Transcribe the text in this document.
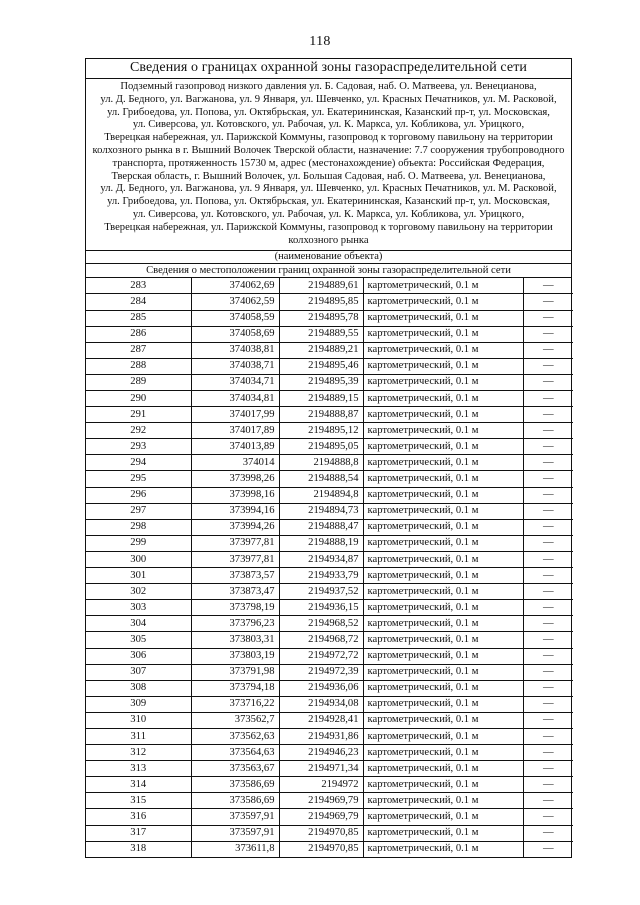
118
Сведения о границах охранной зоны газораспределительной сети
Подземный газопровод низкого давления ул. Б. Садовая, наб. О. Матвеева, ул. Венецианова,
ул. Д. Бедного, ул. Вагжанова, ул. 9 Января, ул. Шевченко, ул. Красных Печатников, ул. М. Расковой,
ул. Грибоедова, ул. Попова, ул. Октябрьская, ул. Екатерининская, Казанский пр-т, ул. Московская,
ул. Сиверсова, ул. Котовского, ул. Рабочая, ул. К. Маркса, ул. Кобликова, ул. Урицкого,
Тверецкая набережная, ул. Парижской Коммуны, газопровод к торговому павильону на территории
колхозного рынка в г. Вышний Волочек Тверской области, назначение: 7.7 сооружения трубопроводного
транспорта, протяженность 15730 м, адрес (местонахождение) объекта: Российская Федерация,
Тверская область, г. Вышний Волочек, ул. Большая Садовая, наб. О. Матвеева, ул. Венецианова,
ул. Д. Бедного, ул. Вагжанова, ул. 9 Января, ул. Шевченко, ул. Красных Печатников, ул. М. Расковой,
ул. Грибоедова, ул. Попова, ул. Октябрьская, ул. Екатерининская, Казанский пр-т, ул. Московская,
ул. Сиверсова, ул. Котовского, ул. Рабочая, ул. К. Маркса, ул. Кобликова, ул. Урицкого,
Тверецкая набережная, ул. Парижской Коммуны, газопровод к торговому павильону на территории
колхозного рынка
(наименование объекта)
Сведения о местоположении границ охранной зоны газораспределительной сети
283	374062,69	2194889,61	картометрический, 0.1 м	—
284	374062,59	2194895,85	картометрический, 0.1 м	—
285	374058,59	2194895,78	картометрический, 0.1 м	—
286	374058,69	2194889,55	картометрический, 0.1 м	—
287	374038,81	2194889,21	картометрический, 0.1 м	—
288	374038,71	2194895,46	картометрический, 0.1 м	—
289	374034,71	2194895,39	картометрический, 0.1 м	—
290	374034,81	2194889,15	картометрический, 0.1 м	—
291	374017,99	2194888,87	картометрический, 0.1 м	—
292	374017,89	2194895,12	картометрический, 0.1 м	—
293	374013,89	2194895,05	картометрический, 0.1 м	—
294	374014	2194888,8	картометрический, 0.1 м	—
295	373998,26	2194888,54	картометрический, 0.1 м	—
296	373998,16	2194894,8	картометрический, 0.1 м	—
297	373994,16	2194894,73	картометрический, 0.1 м	—
298	373994,26	2194888,47	картометрический, 0.1 м	—
299	373977,81	2194888,19	картометрический, 0.1 м	—
300	373977,81	2194934,87	картометрический, 0.1 м	—
301	373873,57	2194933,79	картометрический, 0.1 м	—
302	373873,47	2194937,52	картометрический, 0.1 м	—
303	373798,19	2194936,15	картометрический, 0.1 м	—
304	373796,23	2194968,52	картометрический, 0.1 м	—
305	373803,31	2194968,72	картометрический, 0.1 м	—
306	373803,19	2194972,72	картометрический, 0.1 м	—
307	373791,98	2194972,39	картометрический, 0.1 м	—
308	373794,18	2194936,06	картометрический, 0.1 м	—
309	373716,22	2194934,08	картометрический, 0.1 м	—
310	373562,7	2194928,41	картометрический, 0.1 м	—
311	373562,63	2194931,86	картометрический, 0.1 м	—
312	373564,63	2194946,23	картометрический, 0.1 м	—
313	373563,67	2194971,34	картометрический, 0.1 м	—
314	373586,69	2194972	картометрический, 0.1 м	—
315	373586,69	2194969,79	картометрический, 0.1 м	—
316	373597,91	2194969,79	картометрический, 0.1 м	—
317	373597,91	2194970,85	картометрический, 0.1 м	—
318	373611,8	2194970,85	картометрический, 0.1 м	—
